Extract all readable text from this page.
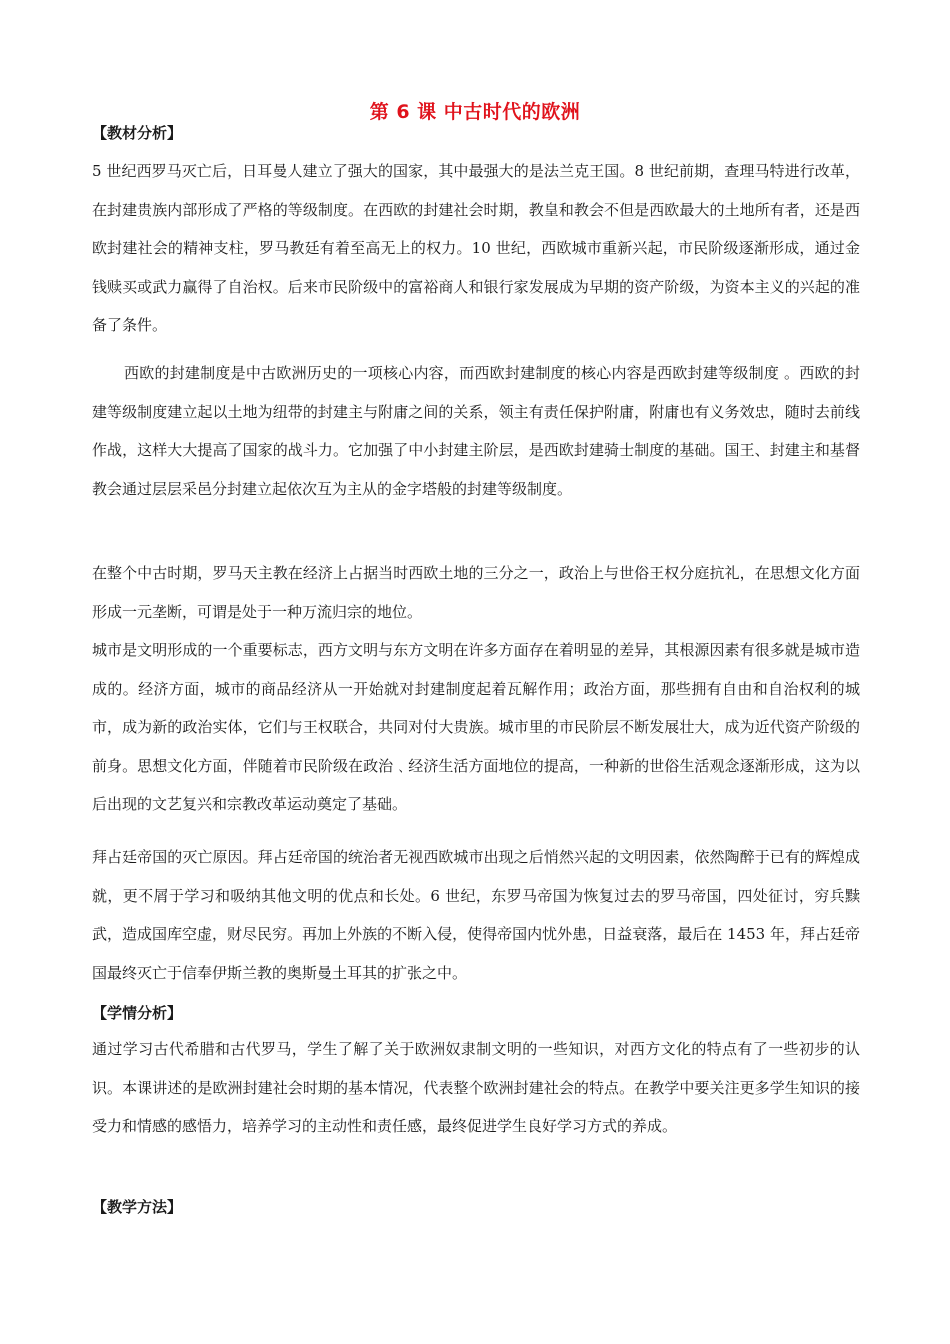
第 6 课 中古时代的欧洲
【教材分析】
5 世纪西罗马灭亡后，日耳曼人建立了强大的国家，其中最强大的是法兰克王国。8 世纪前期，查理马特进行改革，在封建贵族内部形成了严格的等级制度。在西欧的封建社会时期，教皇和教会不但是西欧最大的土地所有者，还是西欧封建社会的精神支柱，罗马教廷有着至高无上的权力。10 世纪，西欧城市重新兴起，市民阶级逐渐形成，通过金钱赎买或武力赢得了自治权。后来市民阶级中的富裕商人和银行家发展成为早期的资产阶级，为资本主义的兴起的准备了条件。
西欧的封建制度是中古欧洲历史的一项核心内容，而西欧封建制度的核心内容是西欧封建等级制度 。西欧的封建等级制度建立起以土地为纽带的封建主与附庸之间的关系，领主有责任保护附庸，附庸也有义务效忠，随时去前线作战，这样大大提高了国家的战斗力。它加强了中小封建主阶层，是西欧封建骑士制度的基础。国王、封建主和基督教会通过层层采邑分封建立起依次互为主从的金字塔般的封建等级制度。
在整个中古时期，罗马天主教在经济上占据当时西欧土地的三分之一，政治上与世俗王权分庭抗礼，在思想文化方面形成一元垄断，可谓是处于一种万流归宗的地位。
城市是文明形成的一个重要标志，西方文明与东方文明在许多方面存在着明显的差异，其根源因素有很多就是城市造成的。经济方面，城市的商品经济从一开始就对封建制度起着瓦解作用；政治方面，那些拥有自由和自治权利的城市，成为新的政治实体，它们与王权联合，共同对付大贵族。城市里的市民阶层不断发展壮大，成为近代资产阶级的前身。思想文化方面，伴随着市民阶级在政治﹑经济生活方面地位的提高，一种新的世俗生活观念逐渐形成，这为以后出现的文艺复兴和宗教改革运动奠定了基础。
拜占廷帝国的灭亡原因。拜占廷帝国的统治者无视西欧城市出现之后悄然兴起的文明因素，依然陶醉于已有的辉煌成就，更不屑于学习和吸纳其他文明的优点和长处。6 世纪，东罗马帝国为恢复过去的罗马帝国，四处征讨，穷兵黩武，造成国库空虚，财尽民穷。再加上外族的不断入侵，使得帝国内忧外患，日益衰落，最后在 1453 年，拜占廷帝国最终灭亡于信奉伊斯兰教的奥斯曼土耳其的扩张之中。
【学情分析】
通过学习古代希腊和古代罗马，学生了解了关于欧洲奴隶制文明的一些知识，对西方文化的特点有了一些初步的认识。本课讲述的是欧洲封建社会时期的基本情况，代表整个欧洲封建社会的特点。在教学中要关注更多学生知识的接受力和情感的感悟力，培养学习的主动性和责任感，最终促进学生良好学习方式的养成。
【教学方法】
